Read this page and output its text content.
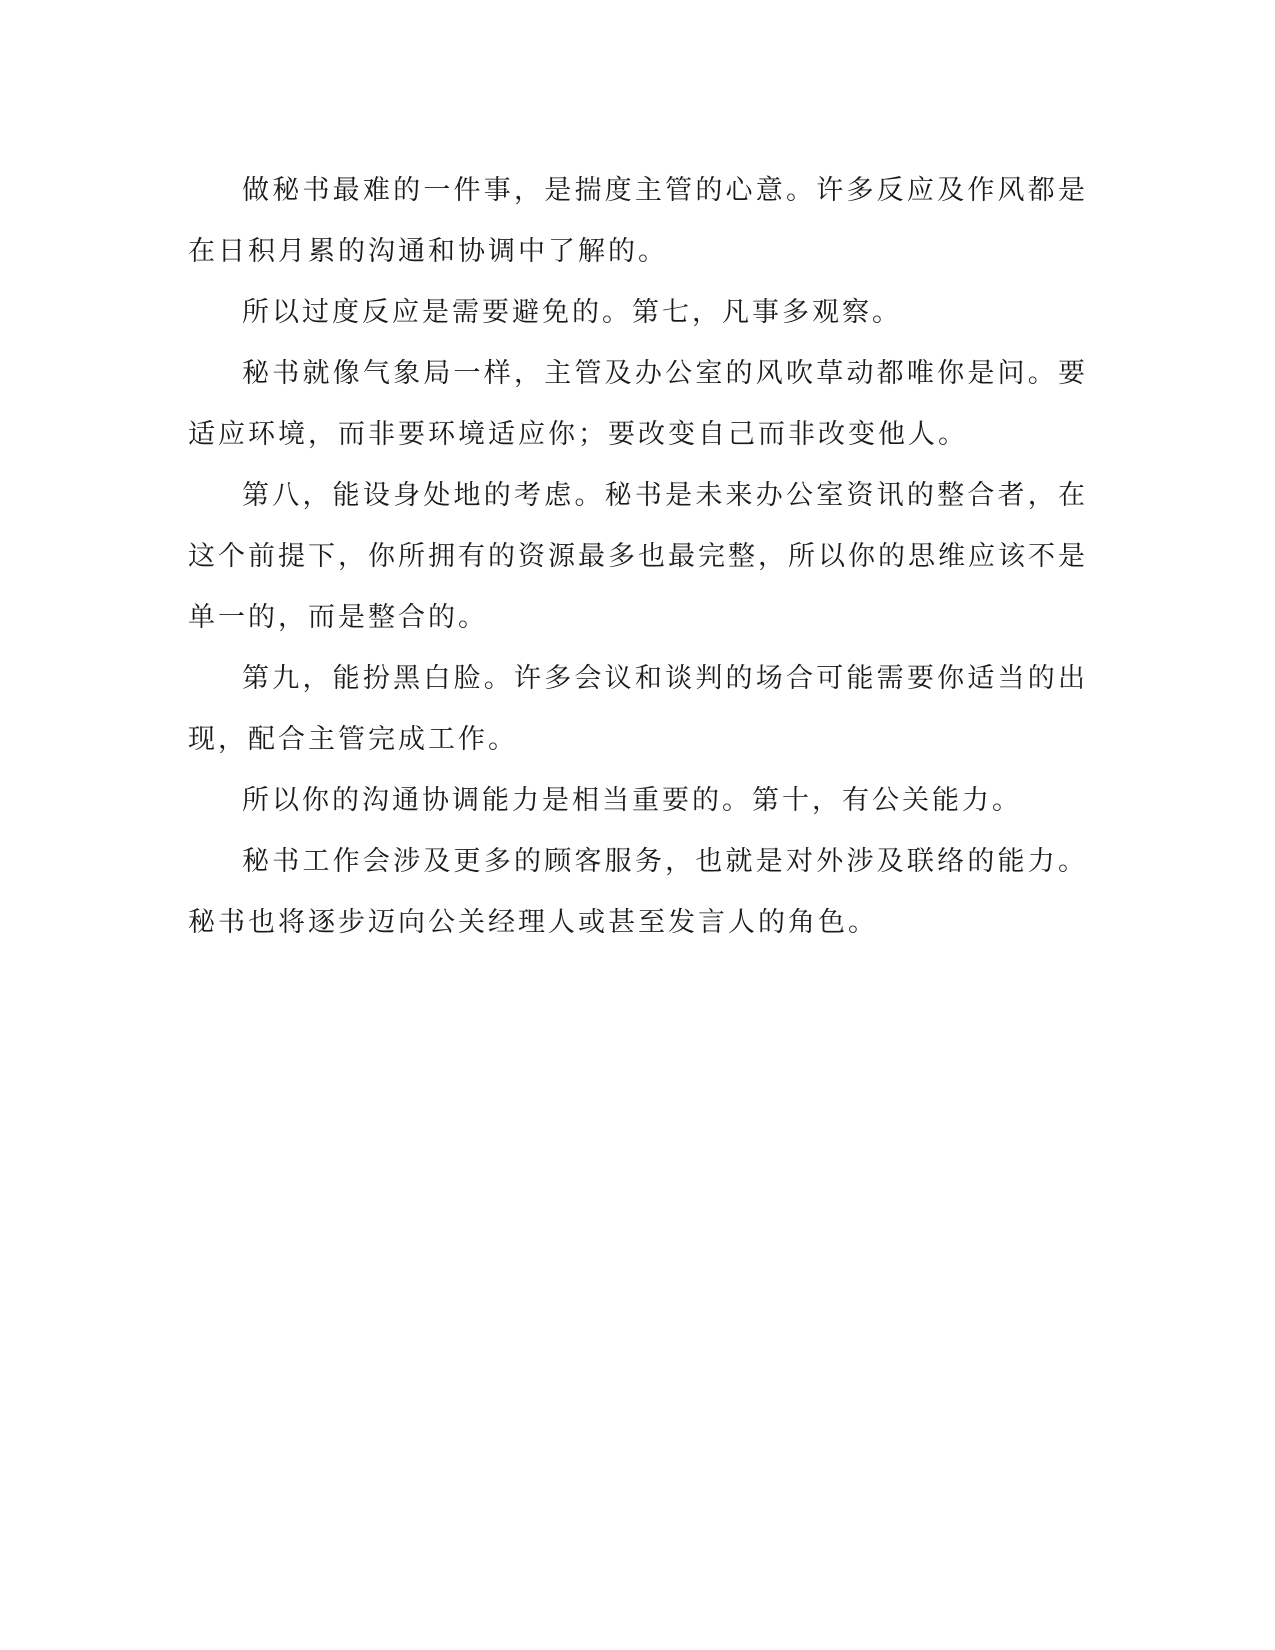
做秘书最难的一件事，是揣度主管的心意。许多反应及作风都是在日积月累的沟通和协调中了解的。

所以过度反应是需要避免的。第七，凡事多观察。

秘书就像气象局一样，主管及办公室的风吹草动都唯你是问。要适应环境，而非要环境适应你；要改变自己而非改变他人。

第八，能设身处地的考虑。秘书是未来办公室资讯的整合者，在这个前提下，你所拥有的资源最多也最完整，所以你的思维应该不是单一的，而是整合的。

第九，能扮黑白脸。许多会议和谈判的场合可能需要你适当的出现，配合主管完成工作。

所以你的沟通协调能力是相当重要的。第十，有公关能力。

秘书工作会涉及更多的顾客服务，也就是对外涉及联络的能力。秘书也将逐步迈向公关经理人或甚至发言人的角色。
